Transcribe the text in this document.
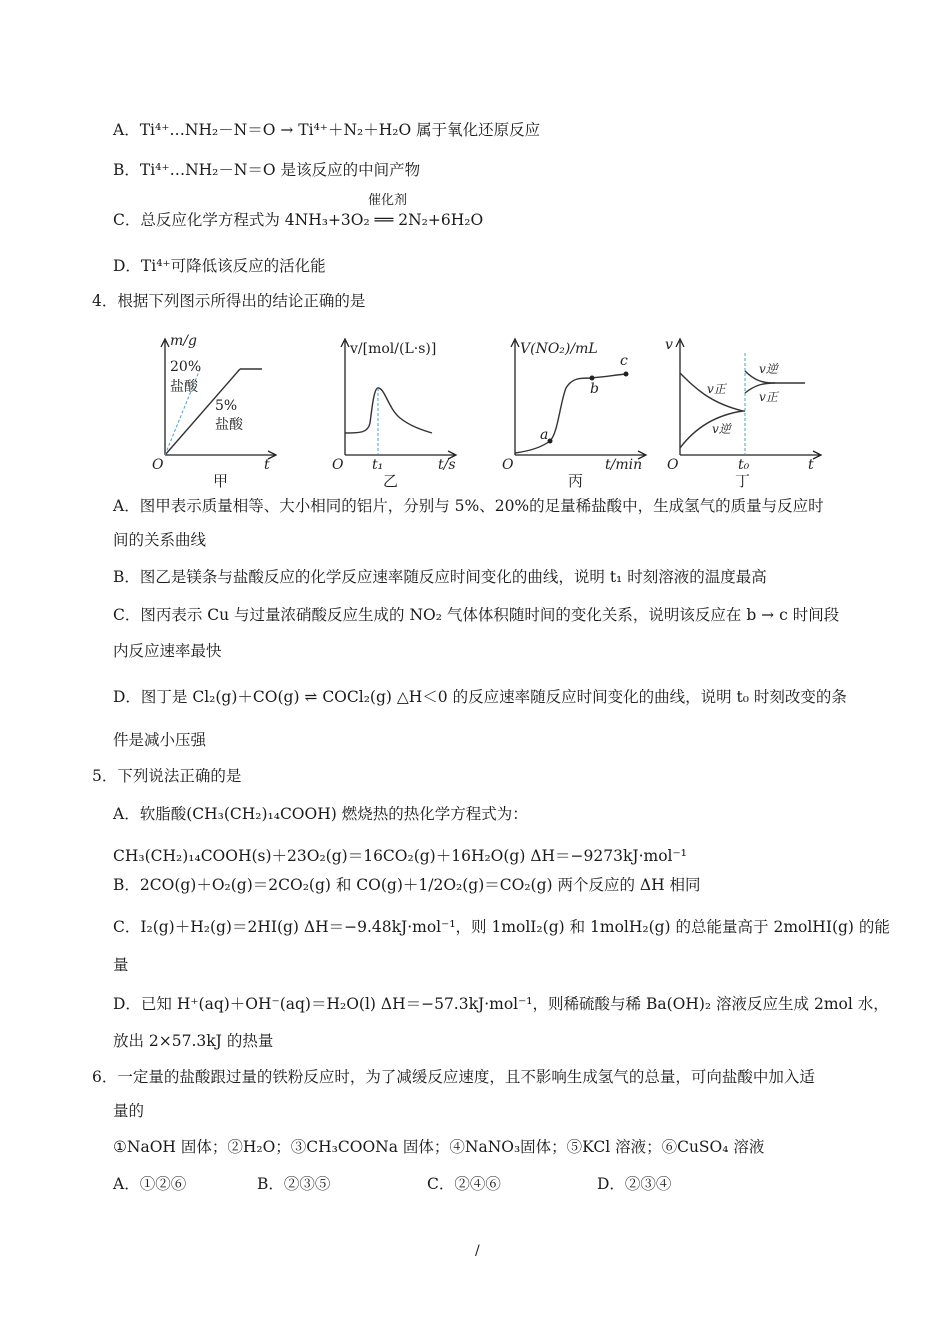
A．Ti⁴⁺…NH₂－N＝O → Ti⁴⁺＋N₂＋H₂O 属于氧化还原反应
B．Ti⁴⁺…NH₂－N＝O 是该反应的中间产物
催化剂
C．总反应化学方程式为 4NH₃+3O₂ ══ 2N₂+6H₂O
D．Ti⁴⁺可降低该反应的活化能
4．根据下列图示所得出的结论正确的是
m/g
20%
盐酸
5%
盐酸
O	t
甲
v/[mol/(L·s)]
O t₁	t/s
乙
V(NO₂)/mL
a
b
c
O	t/min
丙
v
v正
v逆
v逆
v正
O	t₀	t
丁
A．图甲表示质量相等、大小相同的铝片，分别与 5%、20%的足量稀盐酸中，生成氢气的质量与反应时
间的关系曲线
B．图乙是镁条与盐酸反应的化学反应速率随反应时间变化的曲线，说明 t₁ 时刻溶液的温度最高
C．图丙表示 Cu 与过量浓硝酸反应生成的 NO₂ 气体体积随时间的变化关系，说明该反应在 b → c 时间段
内反应速率最快
D．图丁是 Cl₂(g)＋CO(g) ⇌ COCl₂(g) △H＜0 的反应速率随反应时间变化的曲线，说明 t₀ 时刻改变的条
件是减小压强
5．下列说法正确的是
A．软脂酸(CH₃(CH₂)₁₄COOH) 燃烧热的热化学方程式为：
CH₃(CH₂)₁₄COOH(s)＋23O₂(g)＝16CO₂(g)＋16H₂O(g) ΔH＝−9273kJ·mol⁻¹
B．2CO(g)＋O₂(g)＝2CO₂(g) 和 CO(g)＋1/2O₂(g)＝CO₂(g) 两个反应的 ΔH 相同
C．I₂(g)＋H₂(g)＝2HI(g) ΔH＝−9.48kJ·mol⁻¹，则 1molI₂(g) 和 1molH₂(g) 的总能量高于 2molHI(g) 的能
量
D．已知 H⁺(aq)＋OH⁻(aq)＝H₂O(l) ΔH＝−57.3kJ·mol⁻¹，则稀硫酸与稀 Ba(OH)₂ 溶液反应生成 2mol 水，
放出 2×57.3kJ 的热量
6．一定量的盐酸跟过量的铁粉反应时，为了减缓反应速度，且不影响生成氢气的总量，可向盐酸中加入适
量的
①NaOH 固体；②H₂O；③CH₃COONa 固体；④NaNO₃固体；⑤KCl 溶液；⑥CuSO₄ 溶液
A．①②⑥	B．②③⑤	C．②④⑥	D．②③④
/
